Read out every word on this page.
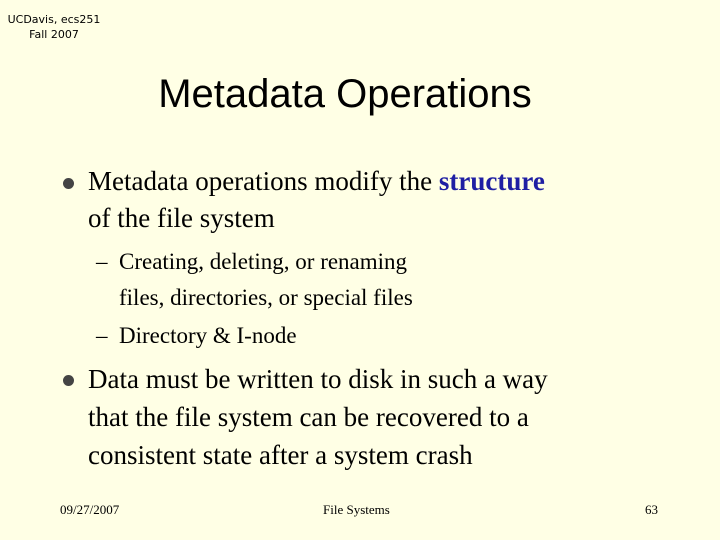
UCDavis, ecs251
Fall 2007
Metadata Operations

Metadata operations modify the structure
of the file system

– Creating, deleting, or renaming
files, directories, or special files
– Directory & I-node

Data must be written to disk in such a way
that the file system can be recovered to a
consistent state after a system crash

09/27/2007	File Systems	63
